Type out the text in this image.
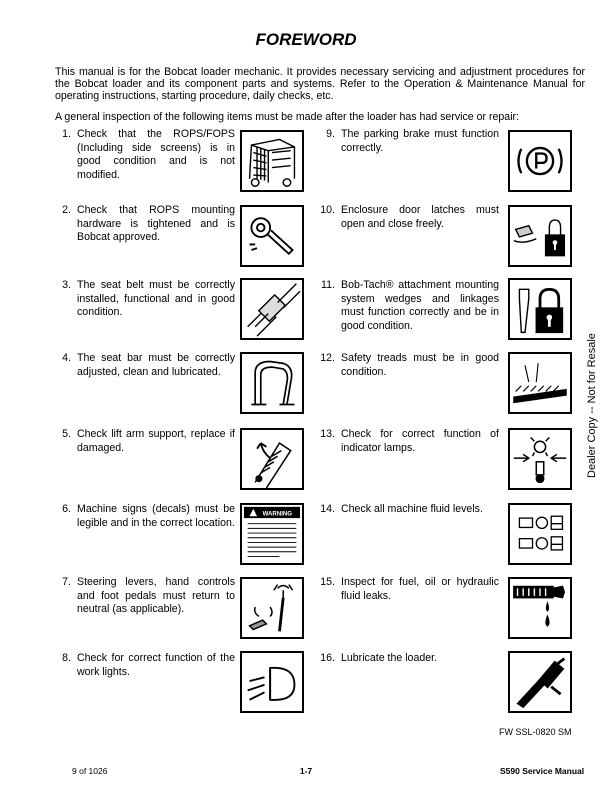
FOREWORD
This manual is for the Bobcat loader mechanic. It provides necessary servicing and adjustment procedures for the Bobcat loader and its component parts and systems. Refer to the Operation & Maintenance Manual for operating instructions, starting procedure, daily checks, etc.
A general inspection of the following items must be made after the loader has had service or repair:
1. Check that the ROPS/FOPS (Including side screens) is in good condition and is not modified.
2. Check that ROPS mounting hardware is tightened and is Bobcat approved.
3. The seat belt must be correctly installed, functional and in good condition.
4. The seat bar must be correctly adjusted, clean and lubricated.
5. Check lift arm support, replace if damaged.
6. Machine signs (decals) must be legible and in the correct location.
WARNING
7. Steering levers, hand controls and foot pedals must return to neutral (as applicable).
8. Check for correct function of the work lights.
9. The parking brake must function correctly.
10. Enclosure door latches must open and close freely.
11. Bob-Tach® attachment mounting system wedges and linkages must function correctly and be in good condition.
12. Safety treads must be in good condition.
SERVICE
13. Check for correct function of indicator lamps.
14. Check all machine fluid levels.
15. Inspect for fuel, oil or hydraulic fluid leaks.
16. Lubricate the loader.
Dealer Copy -- Not for Resale
FW SSL-0820 SM
9 of 1026	1-7	S590 Service Manual
